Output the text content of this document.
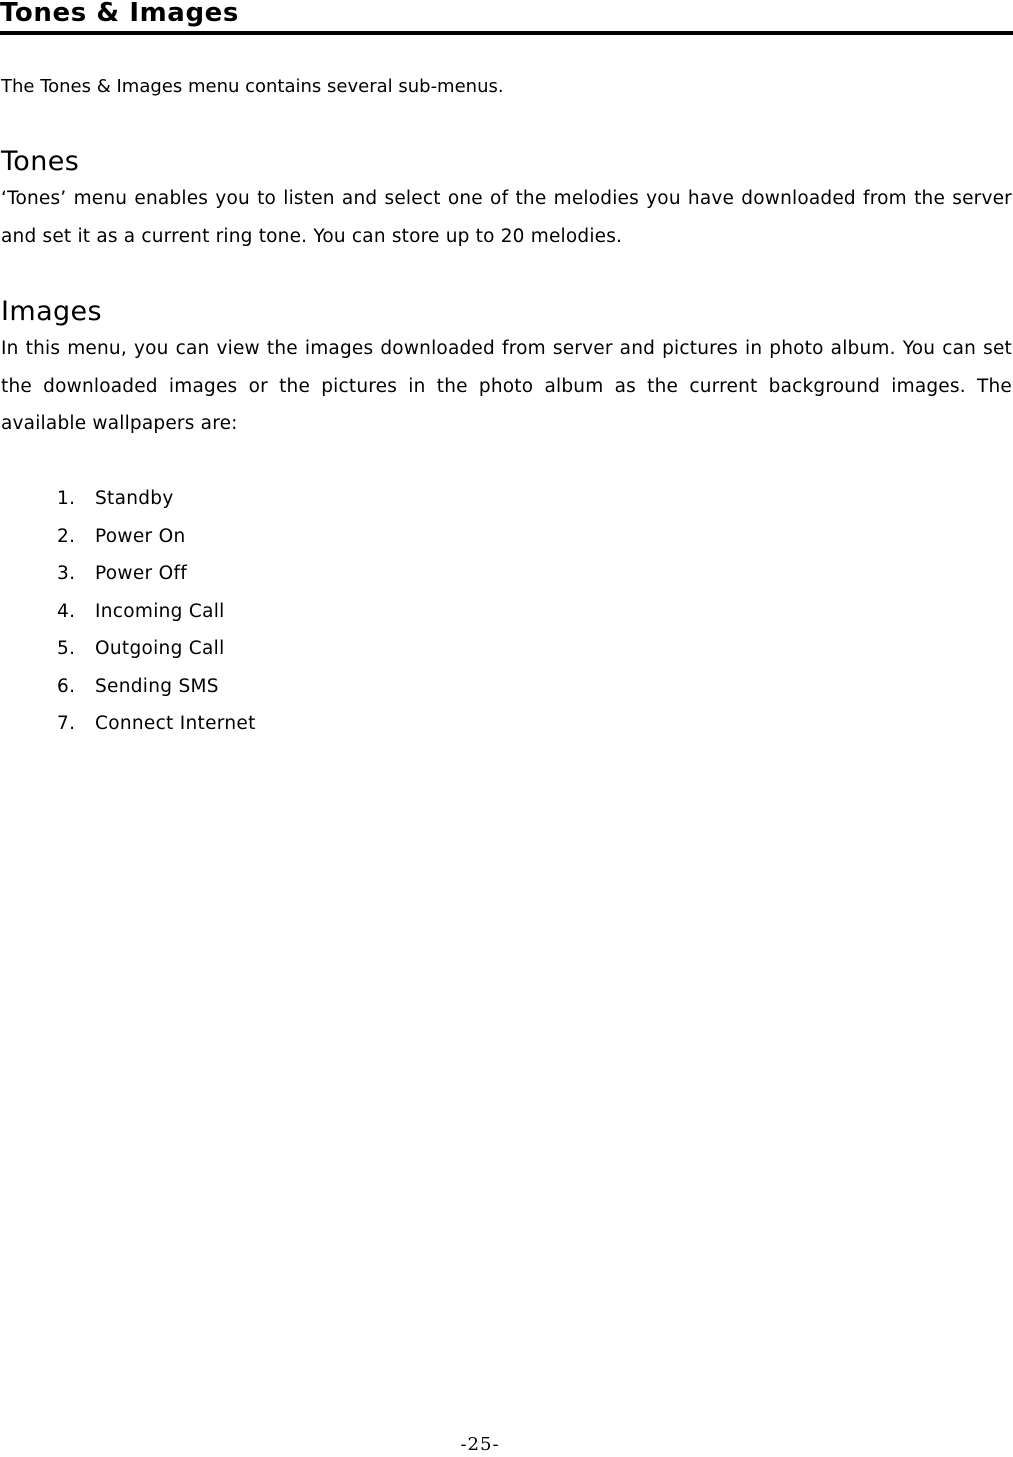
Tones & Images

The Tones & Images menu contains several sub-menus.

Tones

‘Tones’ menu enables you to listen and select one of the melodies you have downloaded from the server and set it as a current ring tone. You can store up to 20 melodies.

Images

In this menu, you can view the images downloaded from server and pictures in photo album. You can set the downloaded images or the pictures in the photo album as the current background images. The available wallpapers are:

1. Standby
2. Power On
3. Power Off
4. Incoming Call
5. Outgoing Call
6. Sending SMS
7. Connect Internet
-25-
